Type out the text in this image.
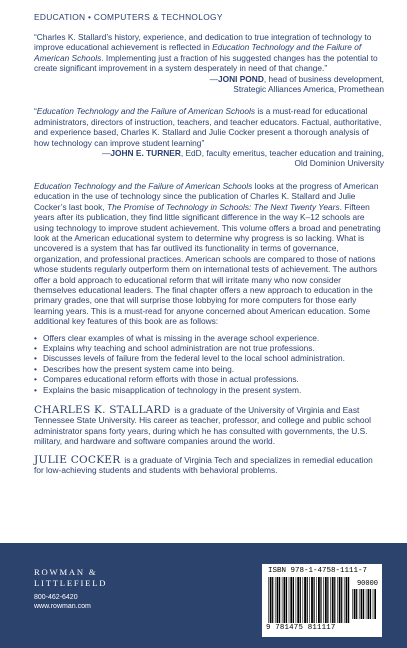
EDUCATION • COMPUTERS & TECHNOLOGY
“Charles K. Stallard’s history, experience, and dedication to true integration of technology to improve educational achievement is reflected in Education Technology and the Failure of American Schools. Implementing just a fraction of his suggested changes has the potential to create significant improvement in a system desperately in need of that change.”
—JONI POND, head of business development,
Strategic Alliances America, Promethean
“Education Technology and the Failure of American Schools is a must-read for educational administrators, directors of instruction, teachers, and teacher educators. Factual, authoritative, and experience based, Charles K. Stallard and Julie Cocker present a thorough analysis of how technology can improve student learning”
—JOHN E. TURNER, EdD, faculty emeritus, teacher education and training,
Old Dominion University
Education Technology and the Failure of American Schools looks at the progress of American education in the use of technology since the publication of Charles K. Stallard and Julie Cocker’s last book, The Promise of Technology in Schools: The Next Twenty Years. Fifteen years after its publication, they find little significant difference in the way K–12 schools are using technology to improve student achievement. This volume offers a broad and penetrating look at the American educational system to determine why progress is so lacking. What is uncovered is a system that has far outlived its functionality in terms of governance, organization, and professional practices. American schools are compared to those of nations whose students regularly outperform them on international tests of achievement. The authors offer a bold approach to educational reform that will irritate many who now consider themselves educational leaders. The final chapter offers a new approach to education in the primary grades, one that will surprise those lobbying for more computers for those early learning years. This is a must-read for anyone concerned about American education. Some additional key features of this book are as follows:
• Offers clear examples of what is missing in the average school experience.
• Explains why teaching and school administration are not true professions.
• Discusses levels of failure from the federal level to the local school administration.
• Describes how the present system came into being.
• Compares educational reform efforts with those in actual professions.
• Explains the basic misapplication of technology in the present system.
CHARLES K. STALLARD is a graduate of the University of Virginia and East Tennessee State University. His career as teacher, professor, and college and public school administrator spans forty years, during which he has consulted with governments, the U.S. military, and hardware and software companies around the world.
JULIE COCKER is a graduate of Virginia Tech and specializes in remedial education for low-achieving students and students with behavioral problems.
ROWMAN &
LITTLEFIELD
800-462-6420
www.rowman.com
ISBN 978-1-4758-1111-7
90000
9 781475 811117
